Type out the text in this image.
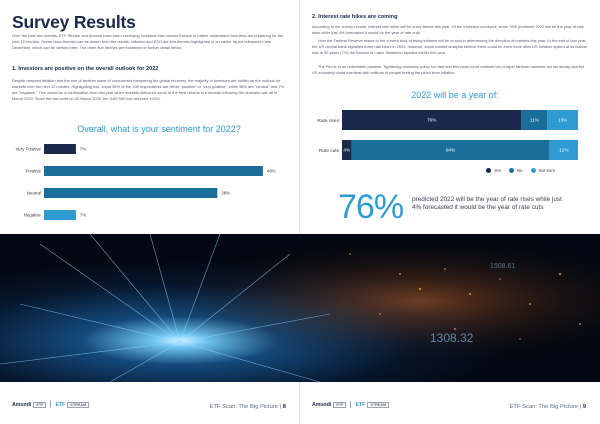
Survey Results

Over the past two months, ETF Stream and Amundi have been surveying investors from across Europe to further understand how they are preparing for the next 12 months. Seven clear themes can be drawn from the results. Inflation and ESG are two themes highlighted in an earlier report released in late December, which can be viewed here. The other five themes are examined in further detail below.

1. Investors are positive on the overall outlook for 2022

Despite rampant inflation and the rise of another wave of coronavirus hampering the global recovery, the majority of investors are bullish on the outlook for markets over the next 12 months. Highlighting this, some 55% of the 105 respondents are either "positive" or "very positive", while 38% are "neutral" and 7% are "negative". This would be a continuation from last year when markets delivered some of the best returns in a decade following the dramatic sell-off in March 2020. Since the low point on 20 March 2020, the S&P 500 has returned 102%.

Overall, what is your sentiment for 2022?
Very Positive	7%
Positive	48%
Neutral	38%
Negative	7%
2. Interest rate hikes are coming

According to the survey results, interest rate hikes will be a key theme this year. Of the investors surveyed, some 76% predicted 2022 will be the year of rate rises while just 4% forecasted it would be the year of rate cuts.

How the Federal Reserve reacts to the current bout of rising inflation will be crucial in determining the direction of markets this year. At the end of last year, the US central bank signalled three rate hikes in 2022, however, some market analysts believe there could be even more after US inflation spiked at its fastest rate in 39 years (7%) the Bureau of Labor Statistics reported earlier this year.

The Fed is in an unenviable position. Tightening monetary policy too fast and this could send markets into a taper tantrum however act too slowly and the US economy could overheat with millions of people feeling the pinch from inflation.

2022 will be a year of:
Rate rises	76%	11%	13%
Rate cuts 4%	84%	12%
Yes
	No
	Not Sure
76% predicted 2022 will be the year of rate rises while just 4% forecasted it would be the year of rate cuts

1308.32
1508.61
Amundi	ETF	ETF	STREAM	ETF Scan: The Big Picture | 8	Amundi	ETF	ETF	STREAM	ETF Scan: The Big Picture | 9
